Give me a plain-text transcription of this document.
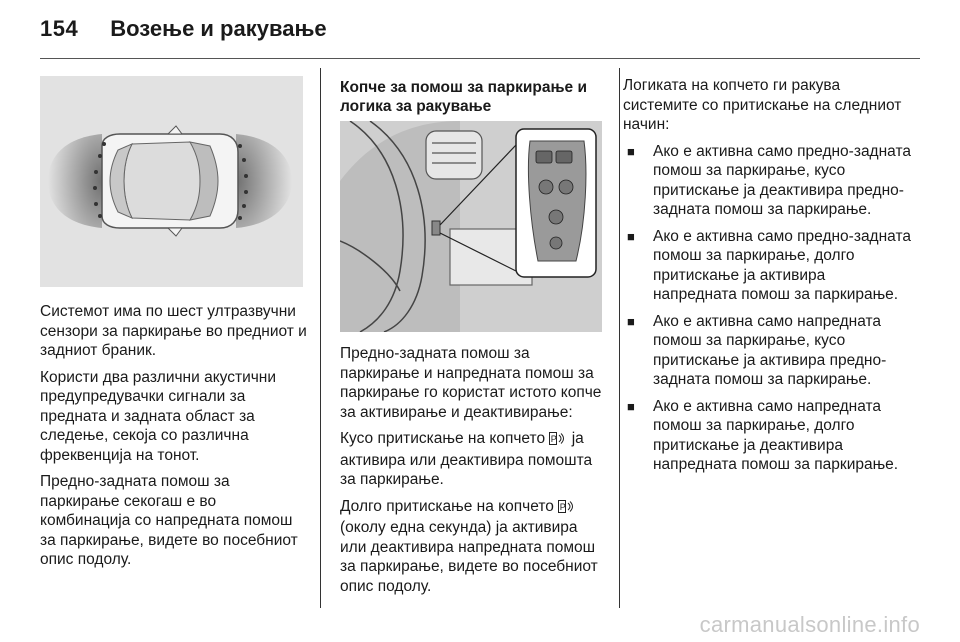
154 Возење и ракување

Системот има по шест ултразвучни сензори за паркирање во предниот и задниот браник.

Користи два различни акустични предупредувачки сигнали за предната и задната област за следење, секоја со различна фреквенција на тонот.

Предно-задната помош за паркирање секогаш е во комбинација со напредната помош за паркирање, видете во посебниот опис подолу.

Копче за помош за паркирање и логика за ракување

Предно-задната помош за паркирање и напредната помош за паркирање го користат истото копче за активирање и деактивирање:

Кусо притискање на копчето P ја активира или деактивира помошта за паркирање.

Долго притискање на копчето P
(околу една секунда) ја активира или деактивира напредната помош за паркирање, видете во посебниот опис подолу.

Логиката на копчето ги ракува системите со притискање на следниот начин:

■ Ако е активна само предно-задната помош за паркирање, кусо притискање ја деактивира предно-задната помош за паркирање.
■ Ако е активна само предно-задната помош за паркирање, долго притискање ја активира напредната помош за паркирање.
■ Ако е активна само напредната помош за паркирање, кусо притискање ја активира предно-задната помош за паркирање.
■ Ако е активна само напредната помош за паркирање, долго притискање ја деактивира напредната помош за паркирање.
carmanualsonline.info
